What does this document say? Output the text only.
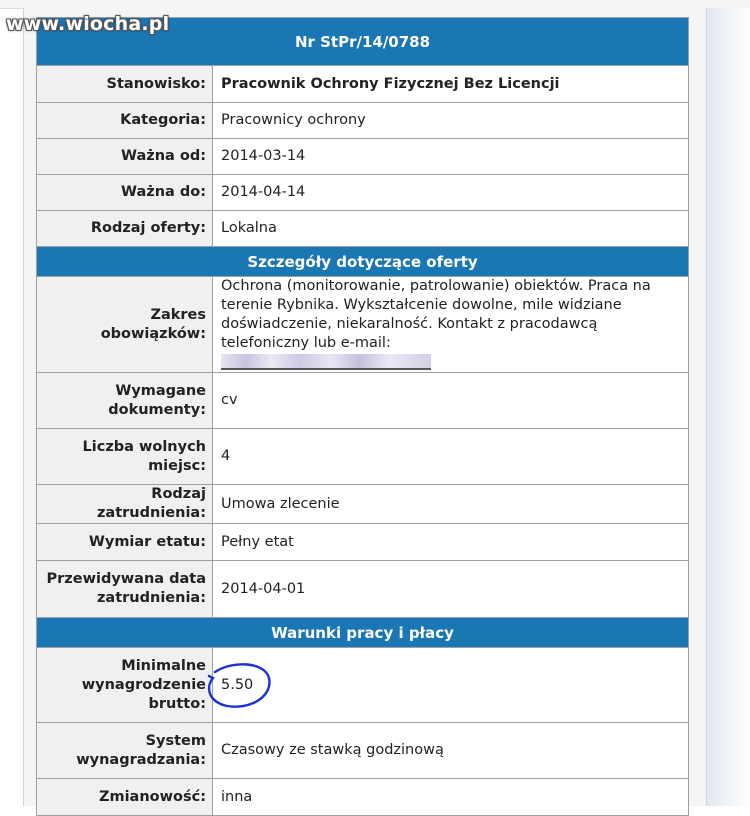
www.wiocha.pl
Nr StPr/14/0788	
Stanowisko:	Pracownik Ochrony Fizycznej Bez Licencji
Kategoria:	Pracownicy ochrony
Ważna od:	2014-03-14
Ważna do:	2014-04-14
Rodzaj oferty:	Lokalna
Szczegóły dotyczące oferty	
Zakres obowiązków:	Ochrona (monitorowanie, patrolowanie) obiektów. Praca na terenie Rybnika. Wykształcenie dowolne, mile widziane doświadczenie, niekaralność. Kontakt z pracodawcą telefoniczny lub e-mail:

Wymagane dokumenty:	cv
Liczba wolnych miejsc:	4
Rodzaj zatrudnienia:	Umowa zlecenie
Wymiar etatu:	Pełny etat
Przewidywana data zatrudnienia:	2014-04-01
Warunki pracy i płacy	
Minimalne wynagrodzenie brutto:	5.50

System wynagradzania:	Czasowy ze stawką godzinową
Zmianowość:	inna
